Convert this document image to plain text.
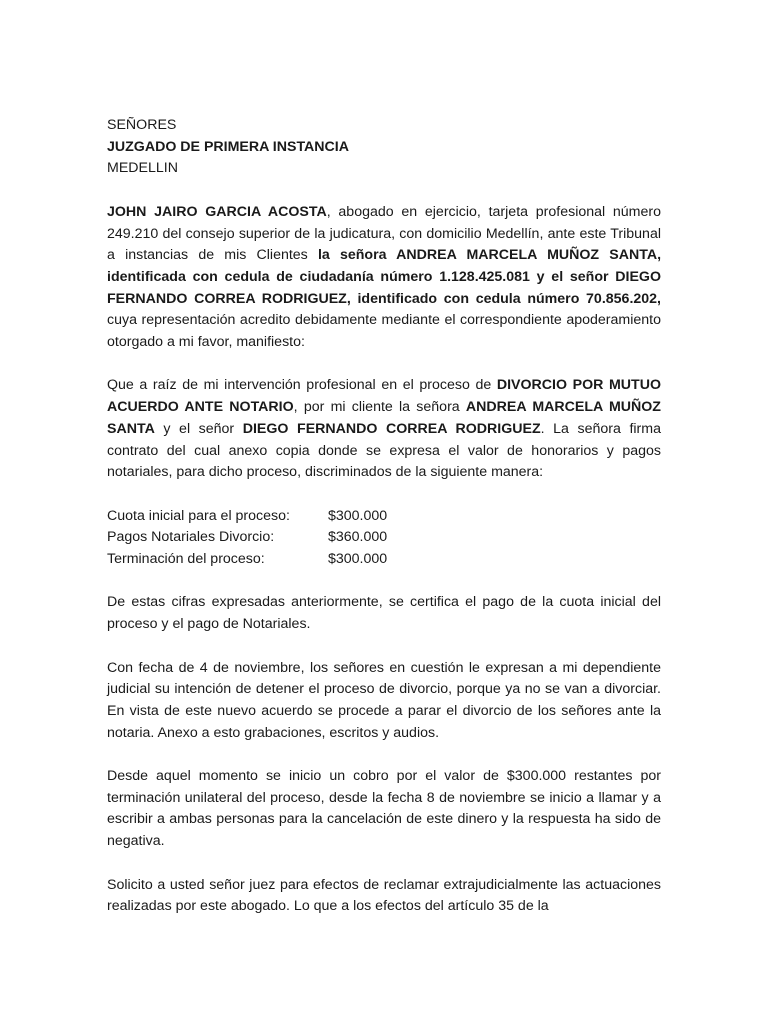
SEÑORES
JUZGADO DE PRIMERA INSTANCIA
MEDELLIN

JOHN JAIRO GARCIA ACOSTA, abogado en ejercicio, tarjeta profesional número 249.210 del consejo superior de la judicatura, con domicilio Medellín, ante este Tribunal a instancias de mis Clientes la señora ANDREA MARCELA MUÑOZ SANTA, identificada con cedula de ciudadanía número 1.128.425.081 y el señor DIEGO FERNANDO CORREA RODRIGUEZ, identificado con cedula número 70.856.202, cuya representación acredito debidamente mediante el correspondiente apoderamiento otorgado a mi favor, manifiesto:

Que a raíz de mi intervención profesional en el proceso de DIVORCIO POR MUTUO ACUERDO ANTE NOTARIO, por mi cliente la señora ANDREA MARCELA MUÑOZ SANTA y el señor DIEGO FERNANDO CORREA RODRIGUEZ. La señora firma contrato del cual anexo copia donde se expresa el valor de honorarios y pagos notariales, para dicho proceso, discriminados de la siguiente manera:

Cuota inicial para el proceso:	$300.000
Pagos Notariales Divorcio:	$360.000
Terminación del proceso:	$300.000

De estas cifras expresadas anteriormente, se certifica el pago de la cuota inicial del proceso y el pago de Notariales.

Con fecha de 4 de noviembre, los señores en cuestión le expresan a mi dependiente judicial su intención de detener el proceso de divorcio, porque ya no se van a divorciar. En vista de este nuevo acuerdo se procede a parar el divorcio de los señores ante la notaria. Anexo a esto grabaciones, escritos y audios.

Desde aquel momento se inicio un cobro por el valor de $300.000 restantes por terminación unilateral del proceso, desde la fecha 8 de noviembre se inicio a llamar y a escribir a ambas personas para la cancelación de este dinero y la respuesta ha sido de negativa.

Solicito a usted señor juez para efectos de reclamar extrajudicialmente las actuaciones realizadas por este abogado. Lo que a los efectos del artículo 35 de la
